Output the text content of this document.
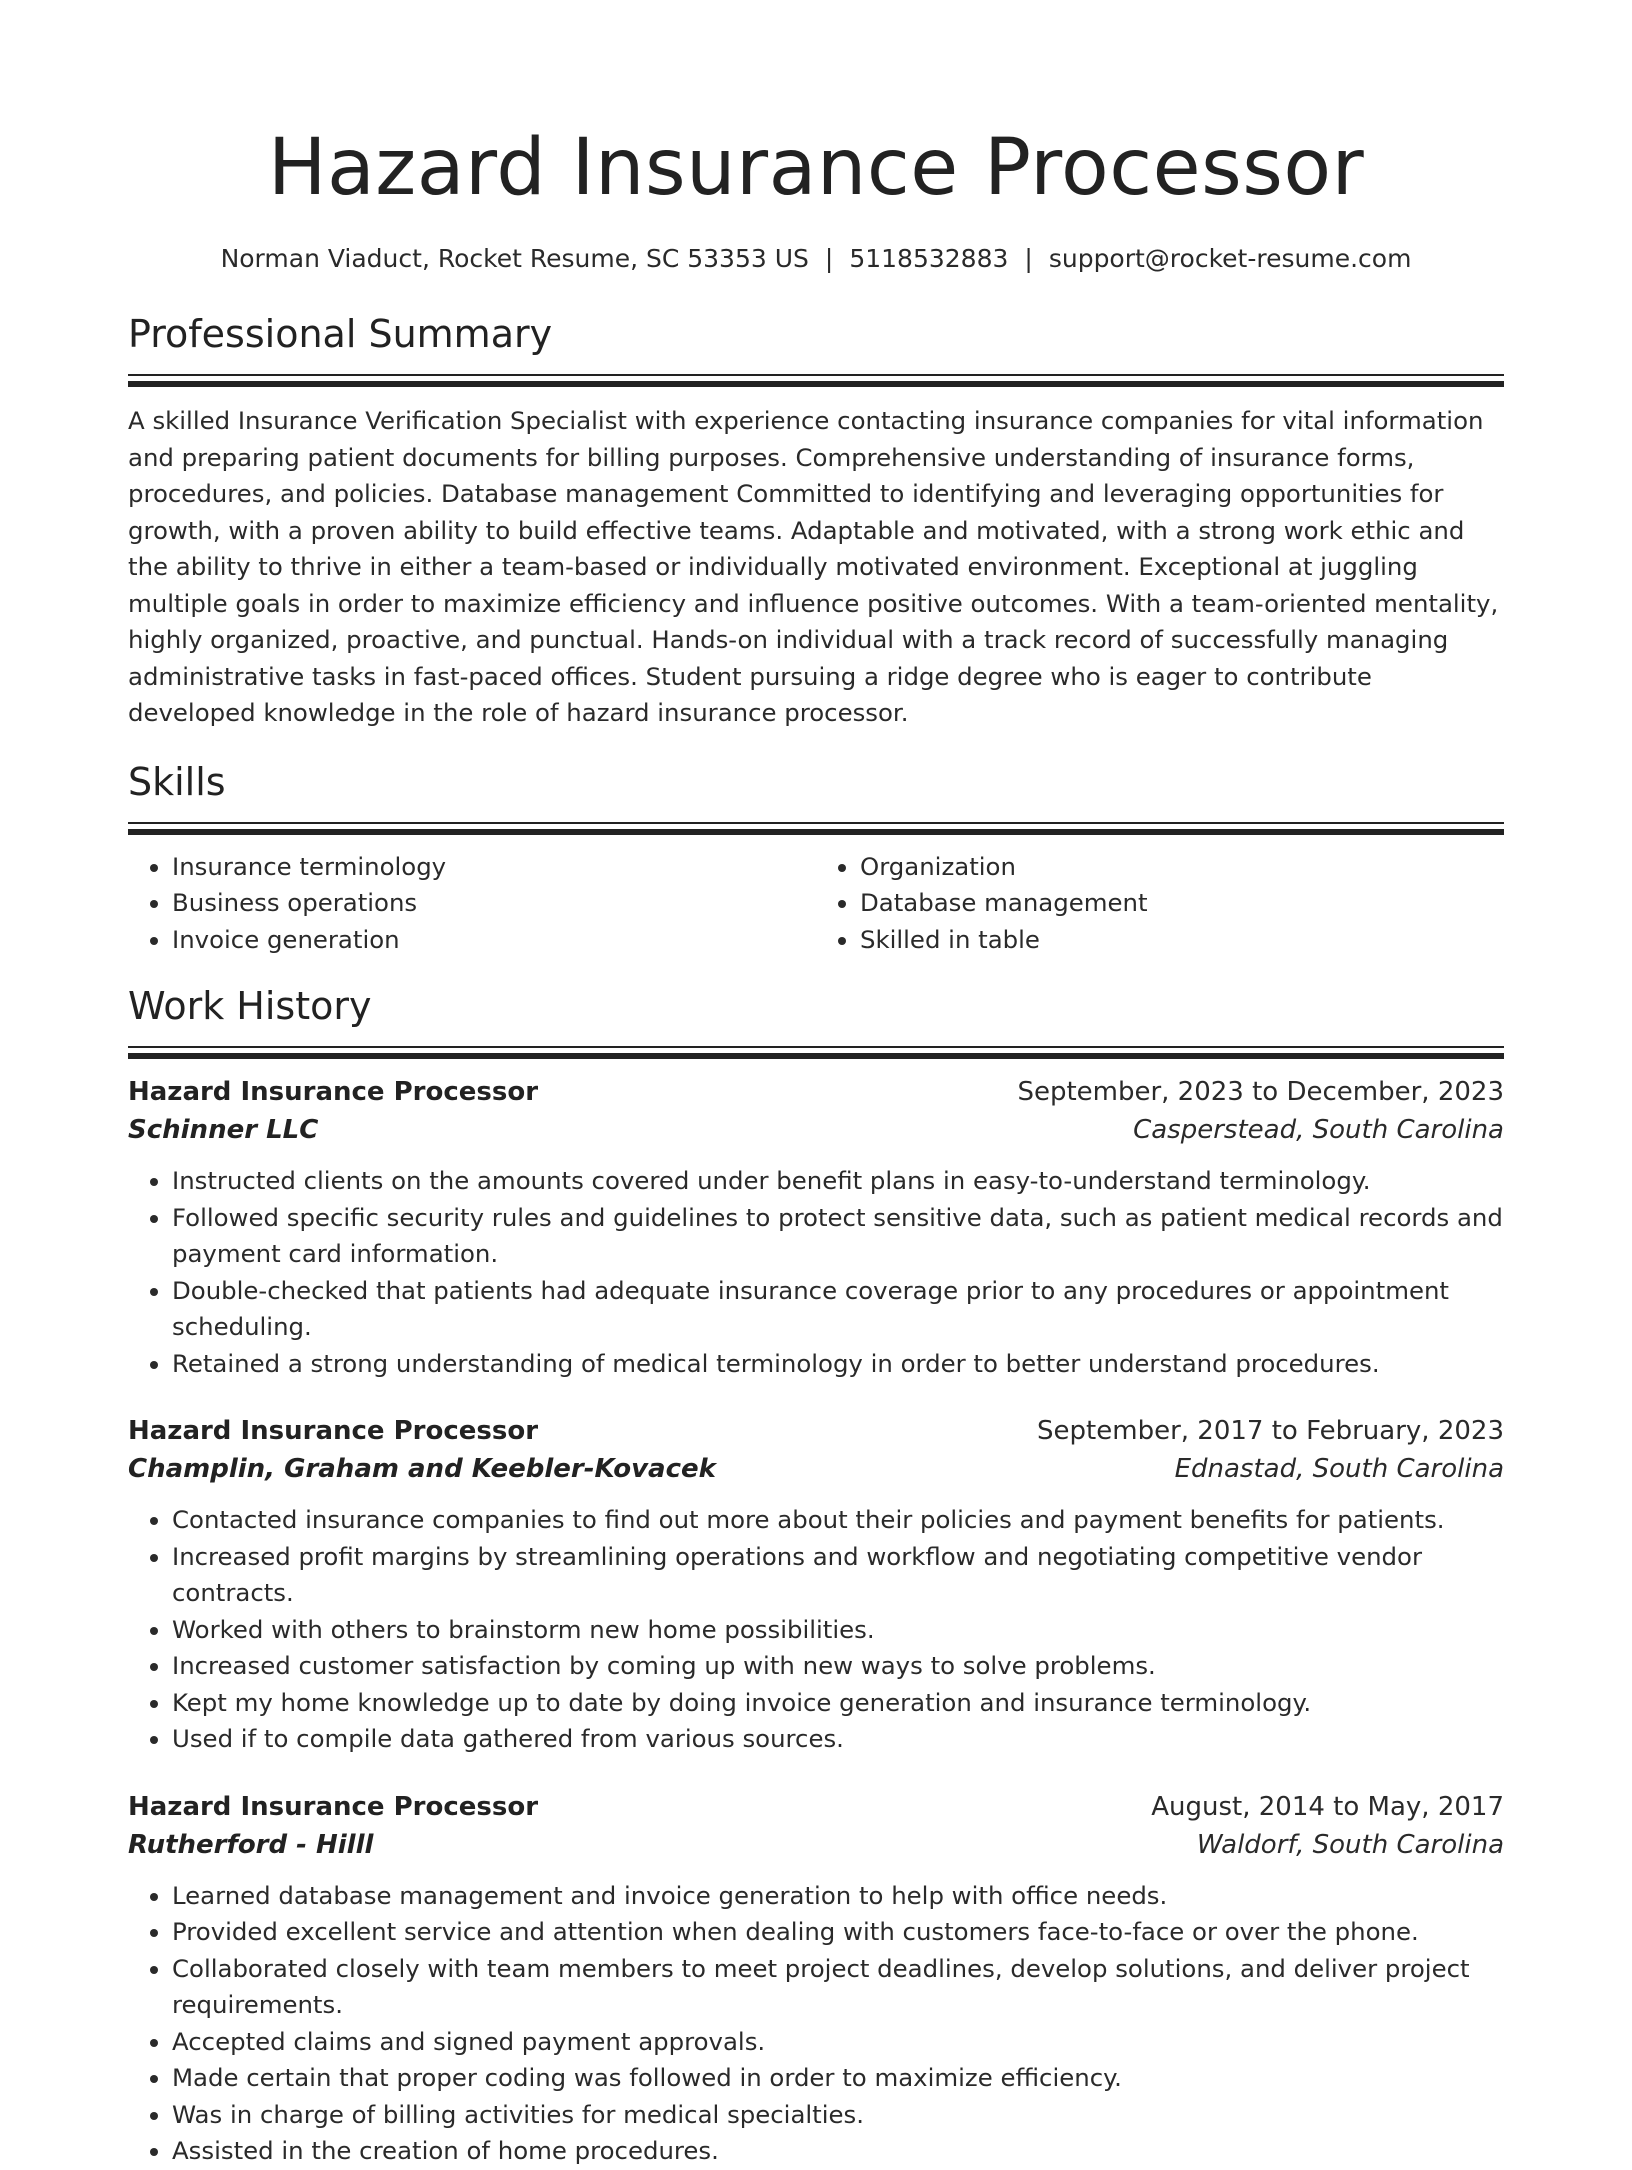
Hazard Insurance Processor
Norman Viaduct, Rocket Resume, SC 53353 US | 5118532883 | support@rocket-resume.com
Professional Summary

A skilled Insurance Verification Specialist with experience contacting insurance companies for vital information and preparing patient documents for billing purposes. Comprehensive understanding of insurance forms, procedures, and policies. Database management Committed to identifying and leveraging opportunities for growth, with a proven ability to build effective teams. Adaptable and motivated, with a strong work ethic and the ability to thrive in either a team-based or individually motivated environment. Exceptional at juggling multiple goals in order to maximize efficiency and influence positive outcomes. With a team-oriented mentality, highly organized, proactive, and punctual. Hands-on individual with a track record of successfully managing administrative tasks in fast-paced offices. Student pursuing a ridge degree who is eager to contribute developed knowledge in the role of hazard insurance processor.

Skills
• Insurance terminology
• Business operations
• Invoice generation
• Organization
• Database management
• Skilled in table
Work History
Hazard Insurance Processor	September, 2023 to December, 2023
Schinner LLC	Casperstead, South Carolina
• Instructed clients on the amounts covered under benefit plans in easy-to-understand terminology.
• Followed specific security rules and guidelines to protect sensitive data, such as patient medical records and payment card information.
• Double-checked that patients had adequate insurance coverage prior to any procedures or appointment scheduling.
• Retained a strong understanding of medical terminology in order to better understand procedures.
Hazard Insurance Processor	September, 2017 to February, 2023
Champlin, Graham and Keebler-Kovacek	Ednastad, South Carolina
• Contacted insurance companies to find out more about their policies and payment benefits for patients.
• Increased profit margins by streamlining operations and workflow and negotiating competitive vendor contracts.
• Worked with others to brainstorm new home possibilities.
• Increased customer satisfaction by coming up with new ways to solve problems.
• Kept my home knowledge up to date by doing invoice generation and insurance terminology.
• Used if to compile data gathered from various sources.
Hazard Insurance Processor	August, 2014 to May, 2017
Rutherford - Hilll	Waldorf, South Carolina
• Learned database management and invoice generation to help with office needs.
• Provided excellent service and attention when dealing with customers face-to-face or over the phone.
• Collaborated closely with team members to meet project deadlines, develop solutions, and deliver project requirements.
• Accepted claims and signed payment approvals.
• Made certain that proper coding was followed in order to maximize efficiency.
• Was in charge of billing activities for medical specialties.
• Assisted in the creation of home procedures.
